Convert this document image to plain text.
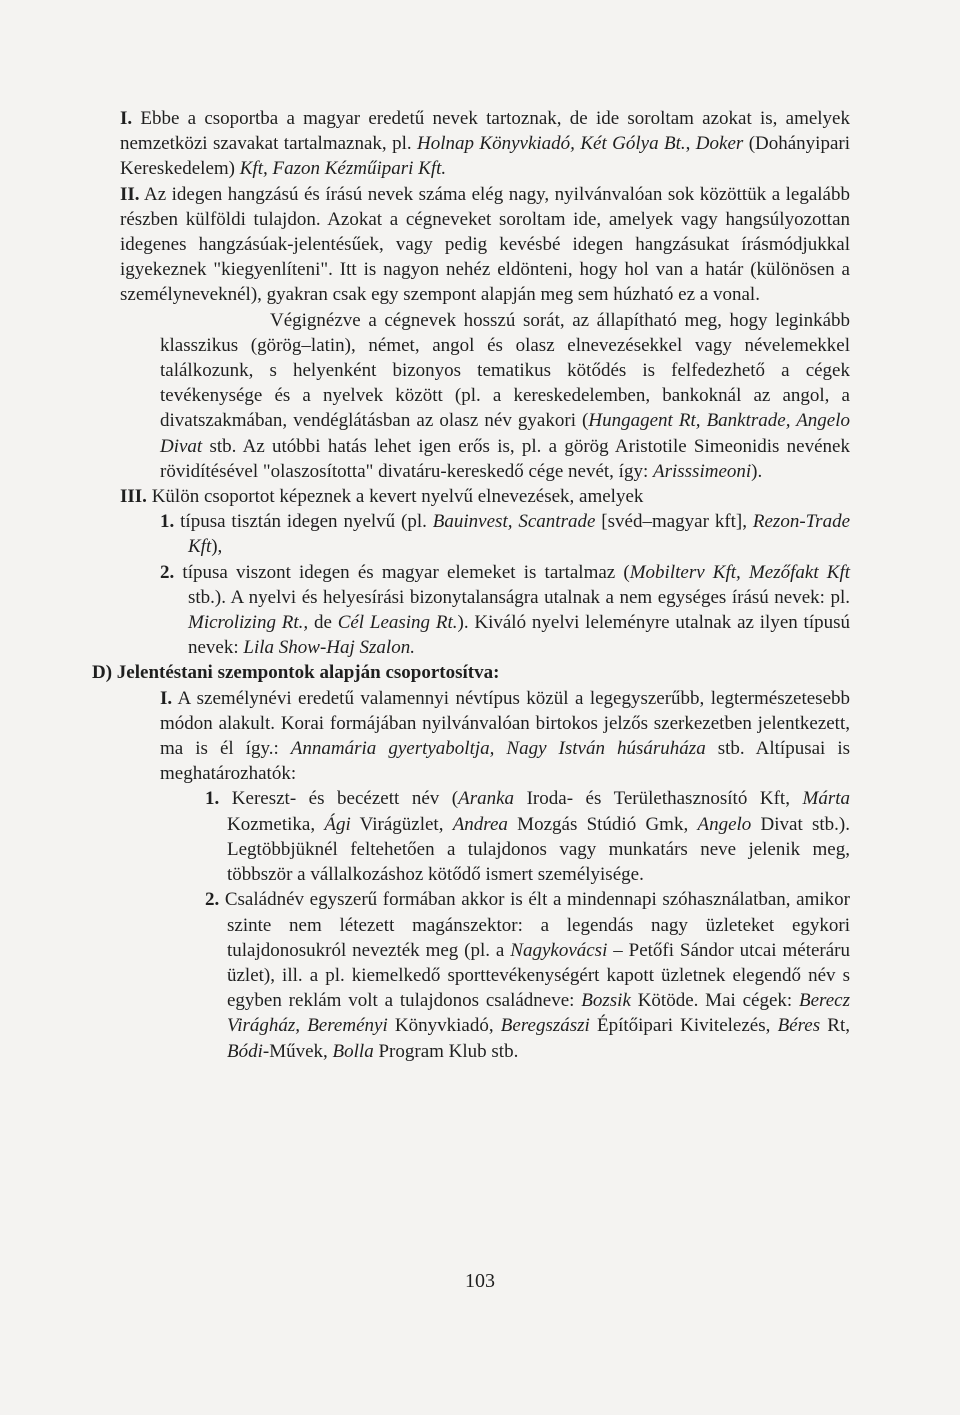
I. Ebbe a csoportba a magyar eredetű nevek tartoznak, de ide soroltam azokat is, amelyek nemzetközi szavakat tartalmaznak, pl. Holnap Könyvkiadó, Két Gólya Bt., Doker (Dohányipari Kereskedelem) Kft, Fazon Kézműipari Kft.

II. Az idegen hangzású és írású nevek száma elég nagy, nyilvánvalóan sok közöttük a legalább részben külföldi tulajdon. Azokat a cégneveket soroltam ide, amelyek vagy hangsúlyozottan idegenes hangzásúak-jelentésűek, vagy pedig kevésbé idegen hangzásukat írásmódjukkal igyekeznek "kiegyenlíteni". Itt is nagyon nehéz eldönteni, hogy hol van a határ (különösen a személyneveknél), gyakran csak egy szempont alapján meg sem húzható ez a vonal.

Végignézve a cégnevek hosszú sorát, az állapítható meg, hogy leginkább klasszikus (görög–latin), német, angol és olasz elnevezésekkel vagy névelemekkel találkozunk, s helyenként bizonyos tematikus kötődés is felfedezhető a cégek tevékenysége és a nyelvek között (pl. a kereskedelemben, bankoknál az angol, a divatszakmában, vendéglátásban az olasz név gyakori (Hungagent Rt, Banktrade, Angelo Divat stb. Az utóbbi hatás lehet igen erős is, pl. a görög Aristotile Simeonidis nevének rövidítésével "olaszosította" divatáru-kereskedő cége nevét, így: Arisssimeoni).

III. Külön csoportot képeznek a kevert nyelvű elnevezések, amelyek

1. típusa tisztán idegen nyelvű (pl. Bauinvest, Scantrade [svéd–magyar kft], Rezon-Trade Kft),

2. típusa viszont idegen és magyar elemeket is tartalmaz (Mobilterv Kft, Mezőfakt Kft stb.). A nyelvi és helyesírási bizonytalanságra utalnak a nem egységes írású nevek: pl. Microlizing Rt., de Cél Leasing Rt.). Kiváló nyelvi leleményre utalnak az ilyen típusú nevek: Lila Show-Haj Szalon.

D) Jelentéstani szempontok alapján csoportosítva:

I. A személynévi eredetű valamennyi névtípus közül a legegyszerűbb, legtermészetesebb módon alakult. Korai formájában nyilvánvalóan birtokos jelzős szerkezetben jelentkezett, ma is él így.: Annamária gyertyaboltja, Nagy István húsáruháza stb. Altípusai is meghatározhatók:

1. Kereszt- és becézett név (Aranka Iroda- és Területhasznosító Kft, Márta Kozmetika, Ági Virágüzlet, Andrea Mozgás Stúdió Gmk, Angelo Divat stb.). Legtöbbjüknél feltehetően a tulajdonos vagy munkatárs neve jelenik meg, többször a vállalkozáshoz kötődő ismert személyisége.

2. Családnév egyszerű formában akkor is élt a mindennapi szóhasználatban, amikor szinte nem létezett magánszektor: a legendás nagy üzleteket egykori tulajdonosukról nevezték meg (pl. a Nagykovácsi – Petőfi Sándor utcai méteráru üzlet), ill. a pl. kiemelkedő sporttevékenységért kapott üzletnek elegendő név s egyben reklám volt a tulajdonos családneve: Bozsik Kötöde. Mai cégek: Berecz Virágház, Bereményi Könyvkiadó, Beregszászi Építőipari Kivitelezés, Béres Rt, Bódi-Művek, Bolla Program Klub stb.

103
